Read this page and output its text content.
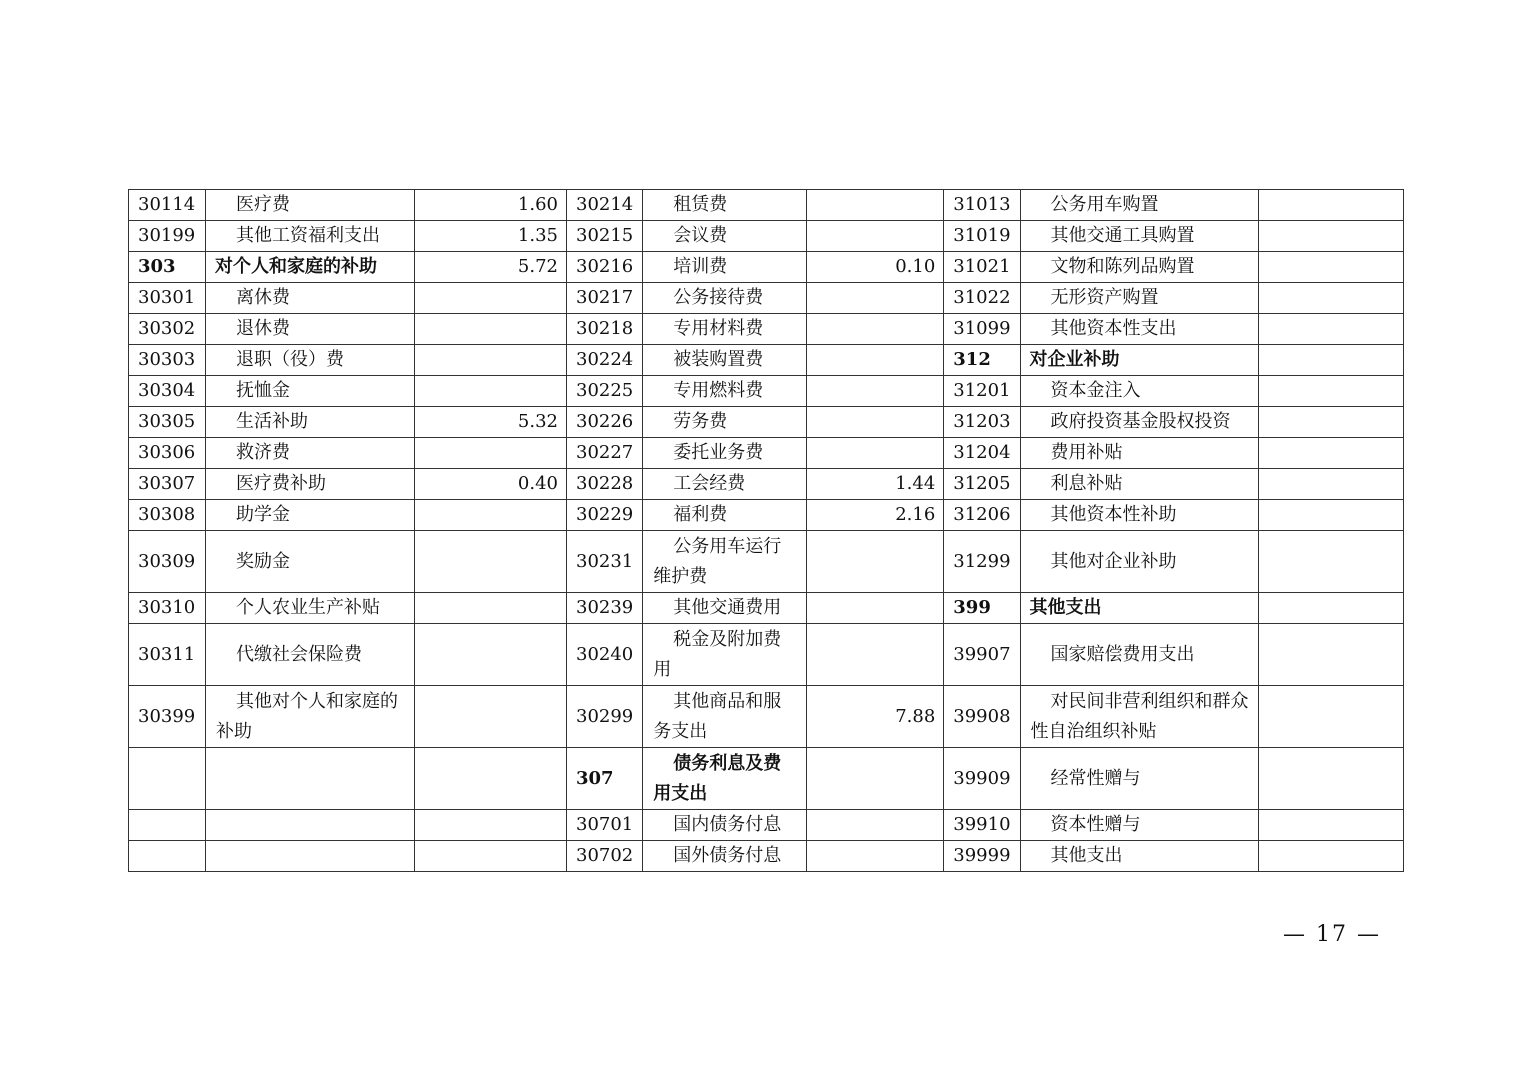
30114	医疗费	1.60	30214	租赁费		31013	公务用车购置	
30199	其他工资福利支出	1.35	30215	会议费		31019	其他交通工具购置	
303	对个人和家庭的补助	5.72	30216	培训费	0.10	31021	文物和陈列品购置	
30301	离休费		30217	公务接待费		31022	无形资产购置	
30302	退休费		30218	专用材料费		31099	其他资本性支出	
30303	退职（役）费		30224	被装购置费		312	对企业补助	
30304	抚恤金		30225	专用燃料费		31201	资本金注入	
30305	生活补助	5.32	30226	劳务费		31203	政府投资基金股权投资	
30306	救济费		30227	委托业务费		31204	费用补贴	
30307	医疗费补助	0.40	30228	工会经费	1.44	31205	利息补贴	
30308	助学金		30229	福利费	2.16	31206	其他资本性补助	
30309	奖励金		30231	公务用车运行维护费		31299	其他对企业补助	
30310	个人农业生产补贴		30239	其他交通费用		399	其他支出	
30311	代缴社会保险费		30240	税金及附加费用		39907	国家赔偿费用支出	
30399	其他对个人和家庭的补助		30299	其他商品和服务支出	7.88	39908	对民间非营利组织和群众性自治组织补贴	
			307	债务利息及费用支出		39909	经常性赠与	
			30701	国内债务付息		39910	资本性赠与	
			30702	国外债务付息		39999	其他支出	
— 17 —
